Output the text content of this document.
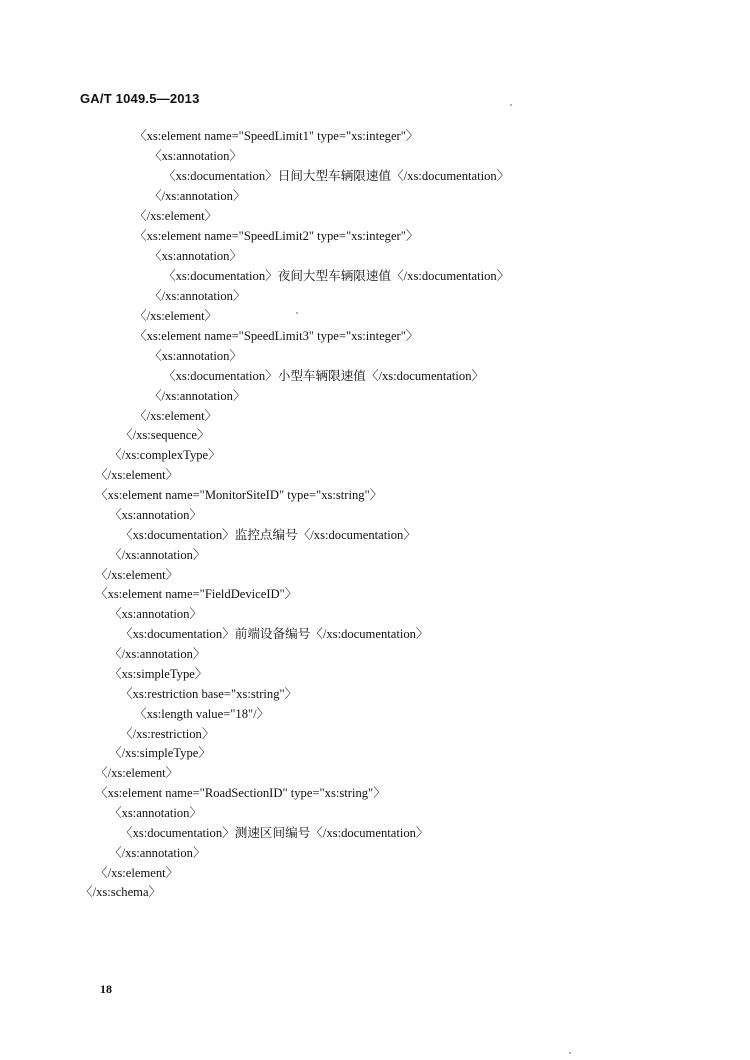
GA/T 1049.5—2013
〈xs:element name="SpeedLimit1" type="xs:integer"〉
〈xs:annotation〉
〈xs:documentation〉日间大型车辆限速值〈/xs:documentation〉
〈/xs:annotation〉
〈/xs:element〉
〈xs:element name="SpeedLimit2" type="xs:integer"〉
〈xs:annotation〉
〈xs:documentation〉夜间大型车辆限速值〈/xs:documentation〉
〈/xs:annotation〉
〈/xs:element〉
〈xs:element name="SpeedLimit3" type="xs:integer"〉
〈xs:annotation〉
〈xs:documentation〉小型车辆限速值〈/xs:documentation〉
〈/xs:annotation〉
〈/xs:element〉
〈/xs:sequence〉
〈/xs:complexType〉
〈/xs:element〉
〈xs:element name="MonitorSiteID" type="xs:string"〉
〈xs:annotation〉
〈xs:documentation〉监控点编号〈/xs:documentation〉
〈/xs:annotation〉
〈/xs:element〉
〈xs:element name="FieldDeviceID"〉
〈xs:annotation〉
〈xs:documentation〉前端设备编号〈/xs:documentation〉
〈/xs:annotation〉
〈xs:simpleType〉
〈xs:restriction base="xs:string"〉
〈xs:length value="18"/〉
〈/xs:restriction〉
〈/xs:simpleType〉
〈/xs:element〉
〈xs:element name="RoadSectionID" type="xs:string"〉
〈xs:annotation〉
〈xs:documentation〉测速区间编号〈/xs:documentation〉
〈/xs:annotation〉
〈/xs:element〉
〈/xs:schema〉
18
